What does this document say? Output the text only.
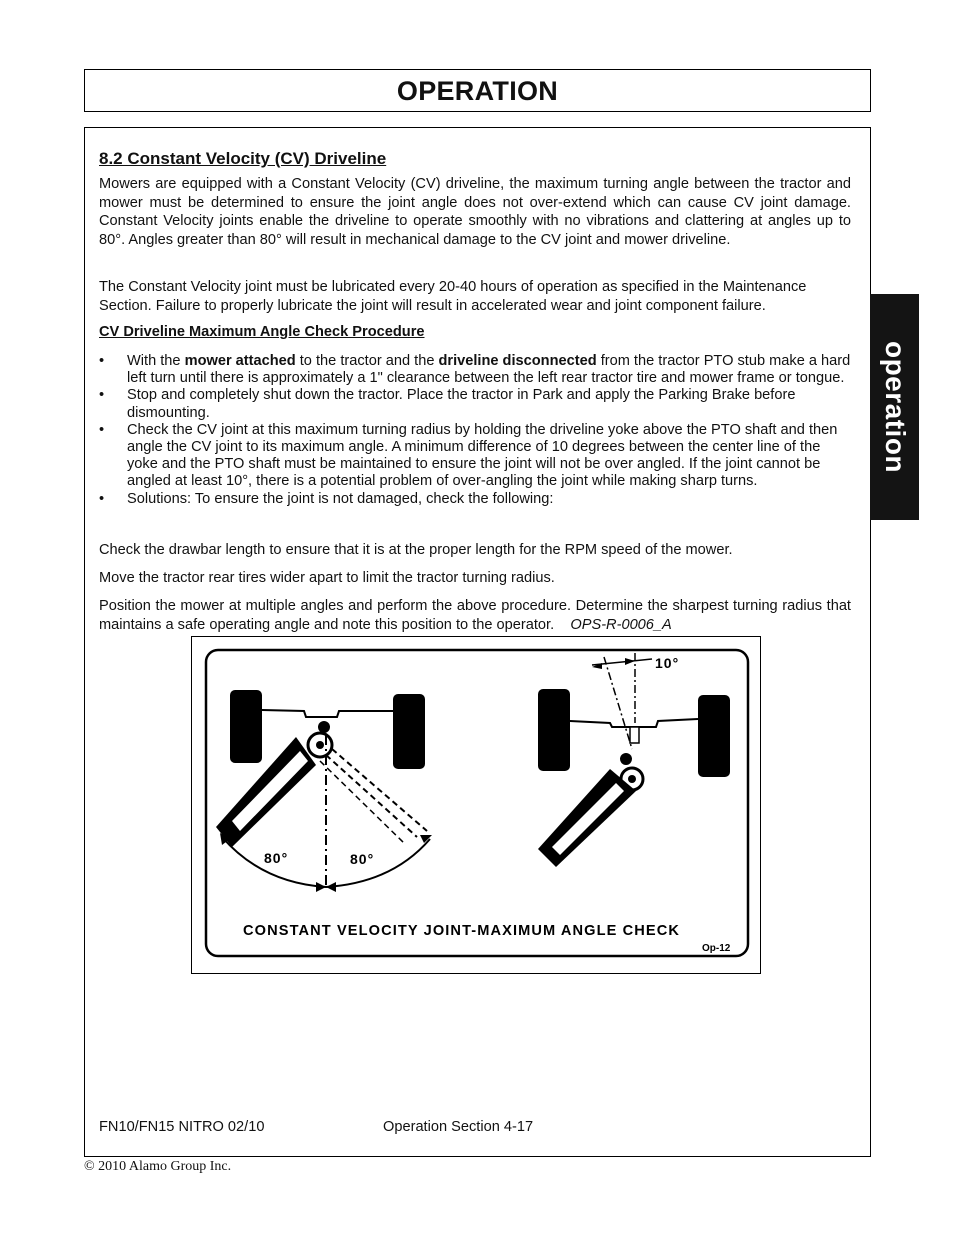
OPERATION
operation
8.2 Constant Velocity (CV) Driveline
Mowers are equipped with a Constant Velocity (CV) driveline, the maximum turning angle between the tractor and mower must be determined to ensure the joint angle does not over-extend which can cause CV joint damage. Constant Velocity joints enable the driveline to operate smoothly with no vibrations and clattering at angles up to 80°. Angles greater than 80° will result in mechanical damage to the CV joint and mower driveline.
The Constant Velocity joint must be lubricated every 20-40 hours of operation as specified in the Maintenance Section. Failure to properly lubricate the joint will result in accelerated wear and joint component failure.
CV Driveline Maximum Angle Check Procedure
• With the mower attached to the tractor and the driveline disconnected from the tractor PTO stub make a hard left turn until there is approximately a 1" clearance between the left rear tractor tire and mower frame or tongue.
• Stop and completely shut down the tractor. Place the tractor in Park and apply the Parking Brake before dismounting.
• Check the CV joint at this maximum turning radius by holding the driveline yoke above the PTO shaft and then angle the CV joint to its maximum angle. A minimum difference of 10 degrees between the center line of the yoke and the PTO shaft must be maintained to ensure the joint will not be over angled. If the joint cannot be angled at least 10°, there is a potential problem of over-angling the joint while making sharp turns.
• Solutions: To ensure the joint is not damaged, check the following:
Check the drawbar length to ensure that it is at the proper length for the RPM speed of the mower.
Move the tractor rear tires wider apart to limit the tractor turning radius.
Position the mower at multiple angles and perform the above procedure. Determine the sharpest turning radius that maintains a safe operating angle and note this position to the operator. OPS-R-0006_A
80°	80°
10°
CONSTANT VELOCITY JOINT-MAXIMUM ANGLE CHECK
Op-12
FN10/FN15 NITRO 02/10	Operation Section 4-17
© 2010 Alamo Group Inc.
